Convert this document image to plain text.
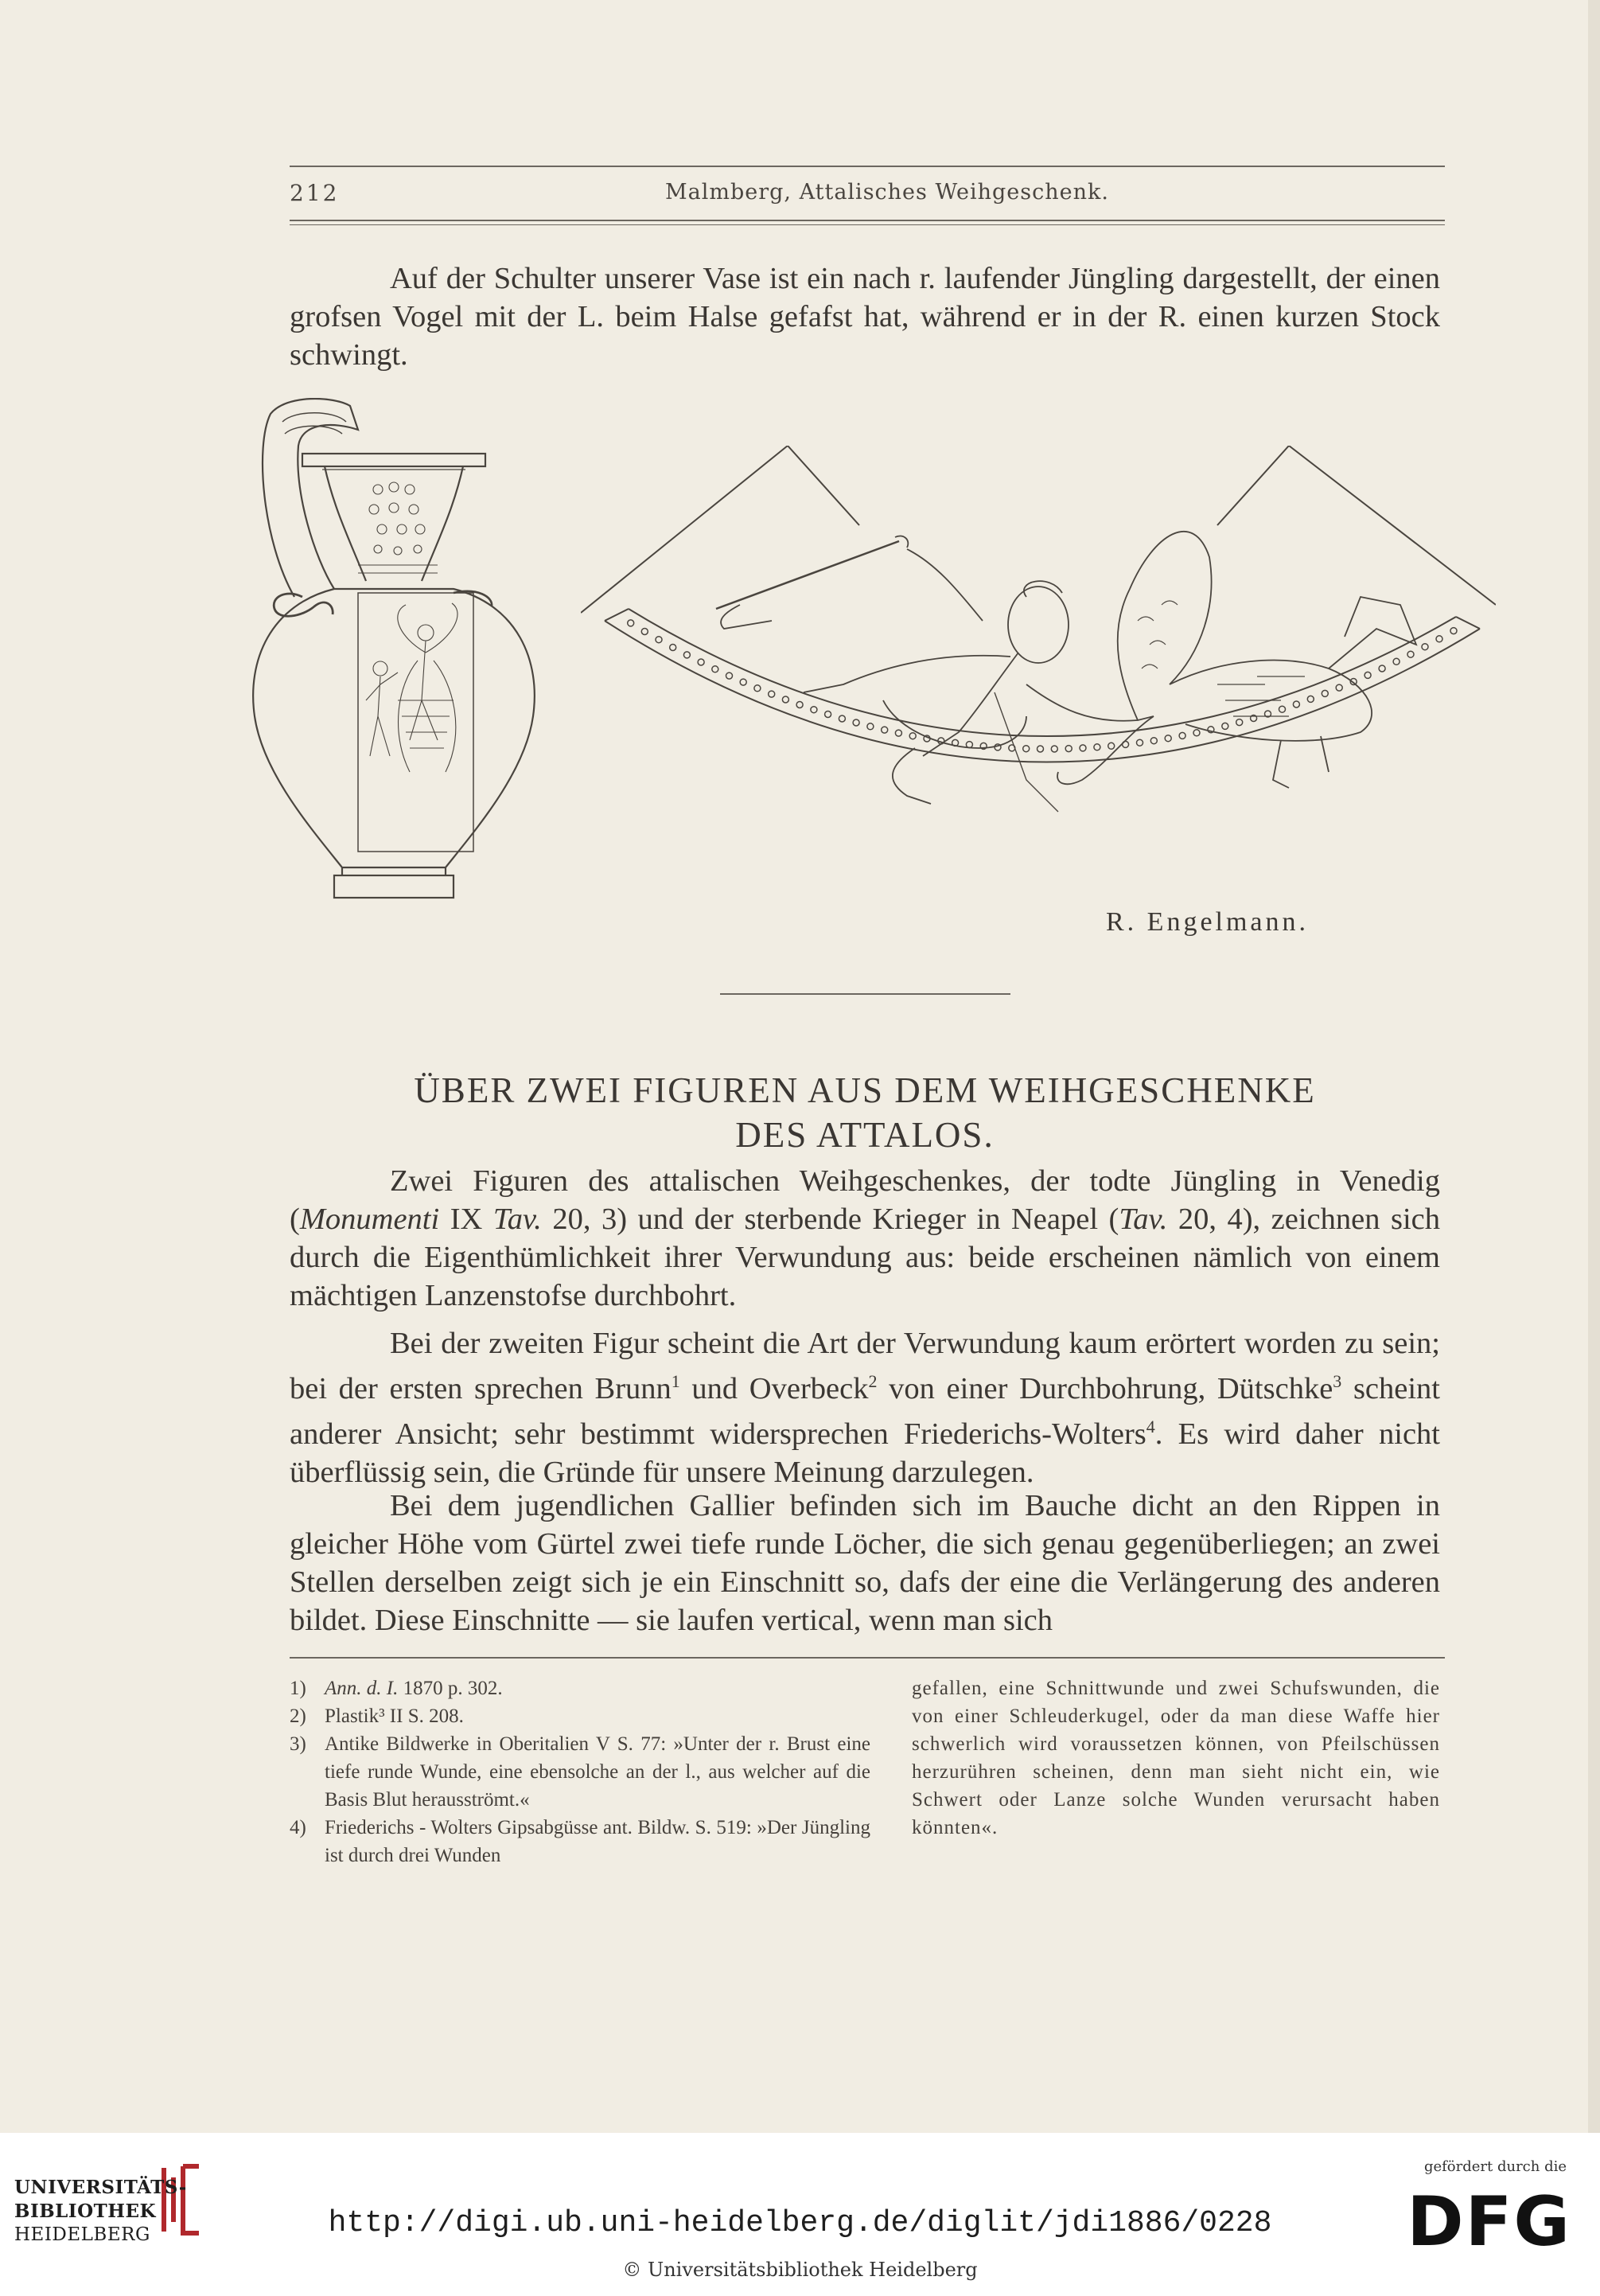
212	Malmberg, Attalisches Weihgeschenk.

Auf der Schulter unserer Vase ist ein nach r. laufender Jüngling dargestellt, der einen grofsen Vogel mit der L. beim Halse gefafst hat, während er in der R. einen kurzen Stock schwingt.

R. Engelmann.
ÜBER ZWEI FIGUREN AUS DEM WEIHGESCHENKE
DES ATTALOS.

Zwei Figuren des attalischen Weihgeschenkes, der todte Jüngling in Venedig (Monumenti IX Tav. 20, 3) und der sterbende Krieger in Neapel (Tav. 20, 4), zeichnen sich durch die Eigenthümlichkeit ihrer Verwundung aus: beide erscheinen nämlich von einem mächtigen Lanzenstofse durchbohrt.

Bei der zweiten Figur scheint die Art der Verwundung kaum erörtert worden zu sein; bei der ersten sprechen Brunn$^1$ und Overbeck$^2$ von einer Durchbohrung, Dütschke$^3$ scheint anderer Ansicht; sehr bestimmt widersprechen Friederichs-Wolters$^4$. Es wird daher nicht überflüssig sein, die Gründe für unsere Meinung darzulegen.

Bei dem jugendlichen Gallier befinden sich im Bauche dicht an den Rippen in gleicher Höhe vom Gürtel zwei tiefe runde Löcher, die sich genau gegenüberliegen; an zwei Stellen derselben zeigt sich je ein Einschnitt so, dafs der eine die Verlängerung des anderen bildet. Diese Einschnitte — sie laufen vertical, wenn man sich

1) Ann. d. I. 1870 p. 302.

2) Plastik³ II S. 208.

3) Antike Bildwerke in Oberitalien V S. 77: »Unter der r. Brust eine tiefe runde Wunde, eine ebensolche an der l., aus welcher auf die Basis Blut herausströmt.«

4) Friederichs - Wolters Gipsabgüsse ant. Bildw. S. 519: »Der Jüngling ist durch drei Wunden

gefallen, eine Schnittwunde und zwei Schufswunden, die von einer Schleuderkugel, oder da man diese Waffe hier schwerlich wird voraussetzen können, von Pfeilschüssen herzurühren scheinen, denn man sieht nicht ein, wie Schwert oder Lanze solche Wunden verursacht haben könnten«.
UNIVERSITÄTS-
BIBLIOTHEK
HEIDELBERG	http://digi.ub.uni-heidelberg.de/diglit/jdi1886/0228
© Universitätsbibliothek Heidelberg
gefördert durch die
DFG
